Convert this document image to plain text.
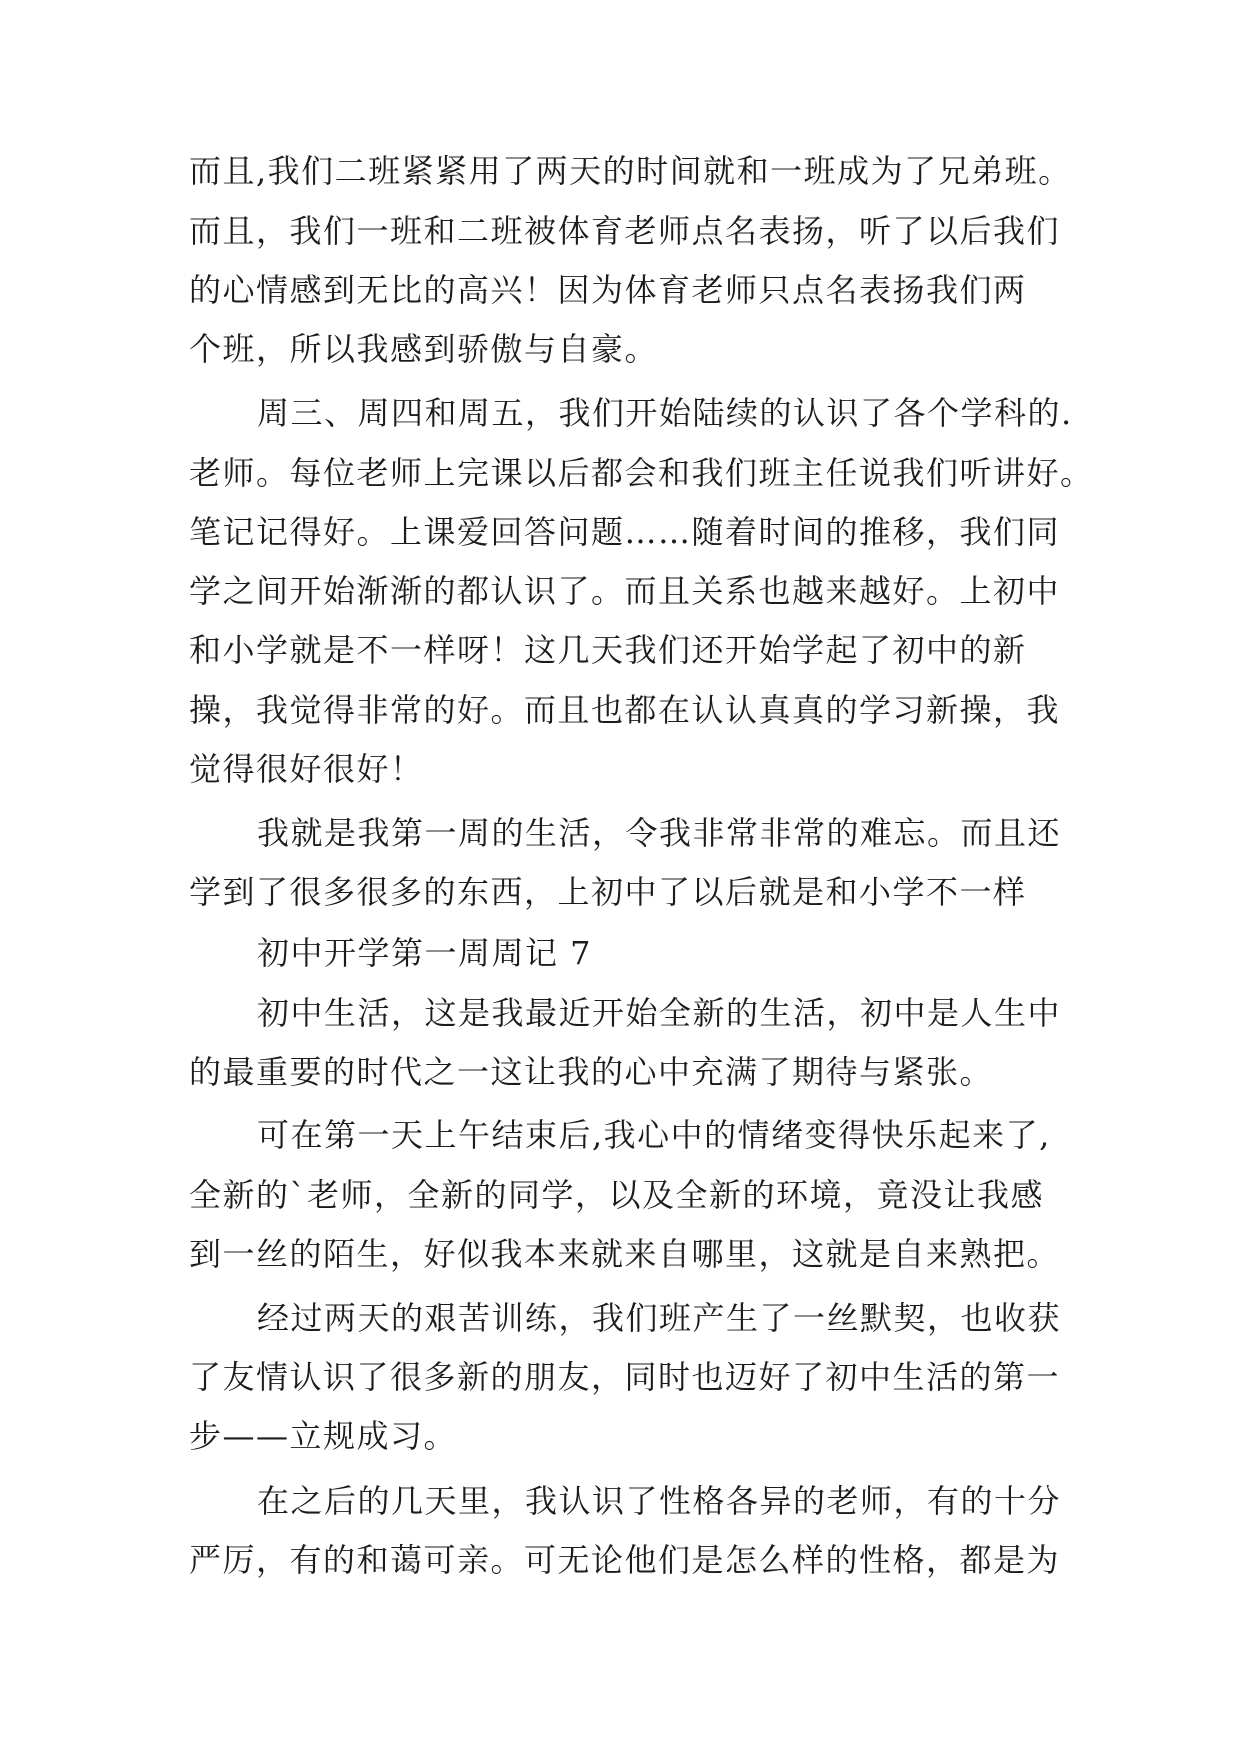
而且,我们二班紧紧用了两天的时间就和一班成为了兄弟班。

而且，我们一班和二班被体育老师点名表扬，听了以后我们

的心情感到无比的高兴！因为体育老师只点名表扬我们两

个班，所以我感到骄傲与自豪。

周三、周四和周五，我们开始陆续的认识了各个学科的.

老师。每位老师上完课以后都会和我们班主任说我们听讲好。

笔记记得好。上课爱回答问题……随着时间的推移，我们同

学之间开始渐渐的都认识了。而且关系也越来越好。上初中

和小学就是不一样呀！这几天我们还开始学起了初中的新

操，我觉得非常的好。而且也都在认认真真的学习新操，我

觉得很好很好！

我就是我第一周的生活，令我非常非常的难忘。而且还

学到了很多很多的东西，上初中了以后就是和小学不一样

初中开学第一周周记 7

初中生活，这是我最近开始全新的生活，初中是人生中

的最重要的时代之一这让我的心中充满了期待与紧张。

可在第一天上午结束后,我心中的情绪变得快乐起来了,

全新的`老师，全新的同学，以及全新的环境，竟没让我感

到一丝的陌生，好似我本来就来自哪里，这就是自来熟把。

经过两天的艰苦训练，我们班产生了一丝默契，也收获

了友情认识了很多新的朋友，同时也迈好了初中生活的第一

步——立规成习。

在之后的几天里，我认识了性格各异的老师，有的十分

严厉，有的和蔼可亲。可无论他们是怎么样的性格，都是为
